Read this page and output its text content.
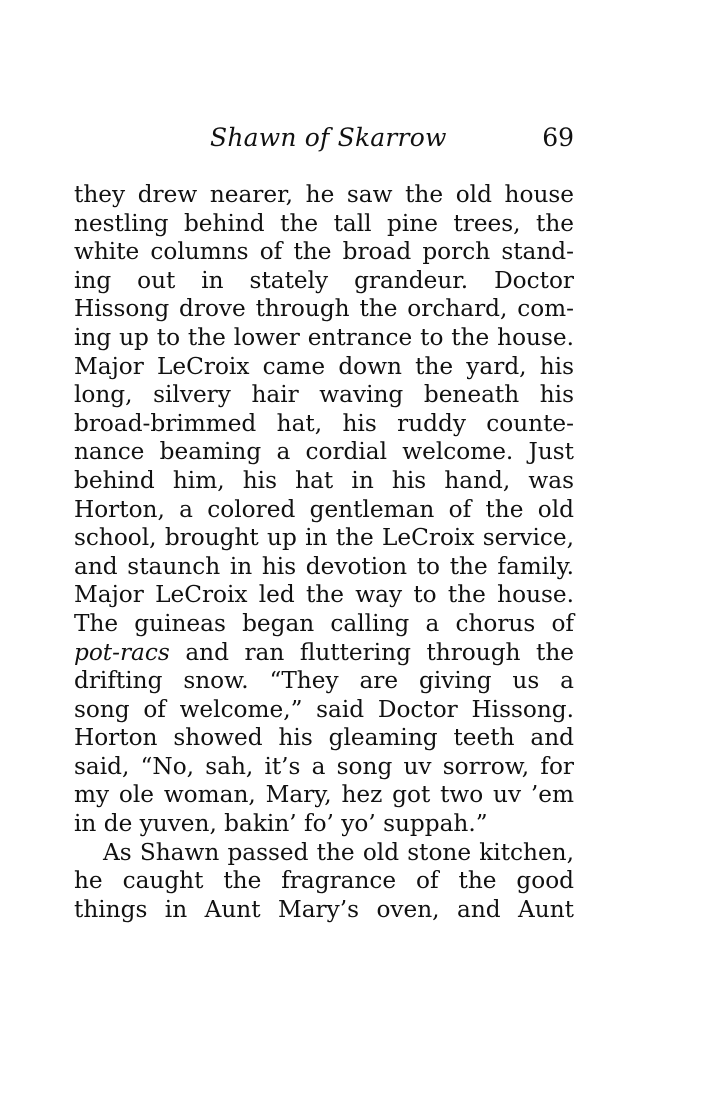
Shawn of Skarrow	69
they drew nearer, he saw the old house
nestling behind the tall pine trees, the
white columns of the broad porch stand-
ing out in stately grandeur. Doctor
Hissong drove through the orchard, com-
ing up to the lower entrance to the house.
Major LeCroix came down the yard, his
long, silvery hair waving beneath his
broad-brimmed hat, his ruddy counte-
nance beaming a cordial welcome. Just
behind him, his hat in his hand, was
Horton, a colored gentleman of the old
school, brought up in the LeCroix service,
and staunch in his devotion to the family.
Major LeCroix led the way to the house.
The guineas began calling a chorus of
pot-racs and ran fluttering through the
drifting snow. “They are giving us a
song of welcome,” said Doctor Hissong.
Horton showed his gleaming teeth and
said, “No, sah, it’s a song uv sorrow, for
my ole woman, Mary, hez got two uv ’em
in de yuven, bakin’ fo’ yo’ suppah.”
As Shawn passed the old stone kitchen,
he caught the fragrance of the good
things in Aunt Mary’s oven, and Aunt
